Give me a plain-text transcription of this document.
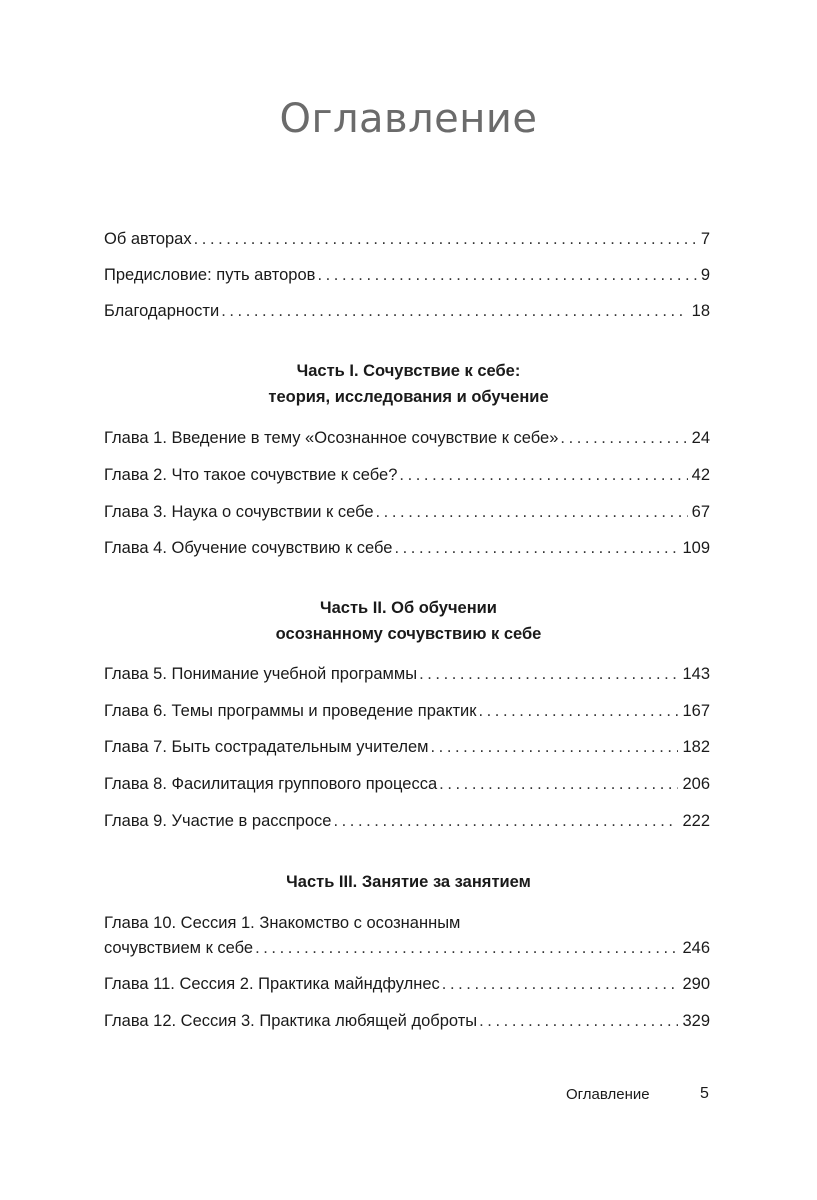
Оглавление
Об авторах . . .	7
Предисловие: путь авторов . . .	9
Благодарности . . .	18
Часть I. Сочувствие к себе:
теория, исследования и обучение
Глава 1. Введение в тему «Осознанное сочувствие к себе» . . .	24
Глава 2. Что такое сочувствие к себе? . . .	42
Глава 3. Наука о сочувствии к себе . . .	67
Глава 4. Обучение сочувствию к себе . . .	109
Часть II. Об обучении
осознанному сочувствию к себе
Глава 5. Понимание учебной программы . . .	143
Глава 6. Темы программы и проведение практик . . .	167
Глава 7. Быть сострадательным учителем . . .	182
Глава 8. Фасилитация группового процесса . . .	206
Глава 9. Участие в расспросе . . .	222
Часть III. Занятие за занятием
Глава 10. Сессия 1. Знакомство с осознанным
сочувствием к себе . . .	246
Глава 11. Сессия 2. Практика майндфулнес . . .	290
Глава 12. Сессия 3. Практика любящей доброты . . .	329
Оглавление	5
